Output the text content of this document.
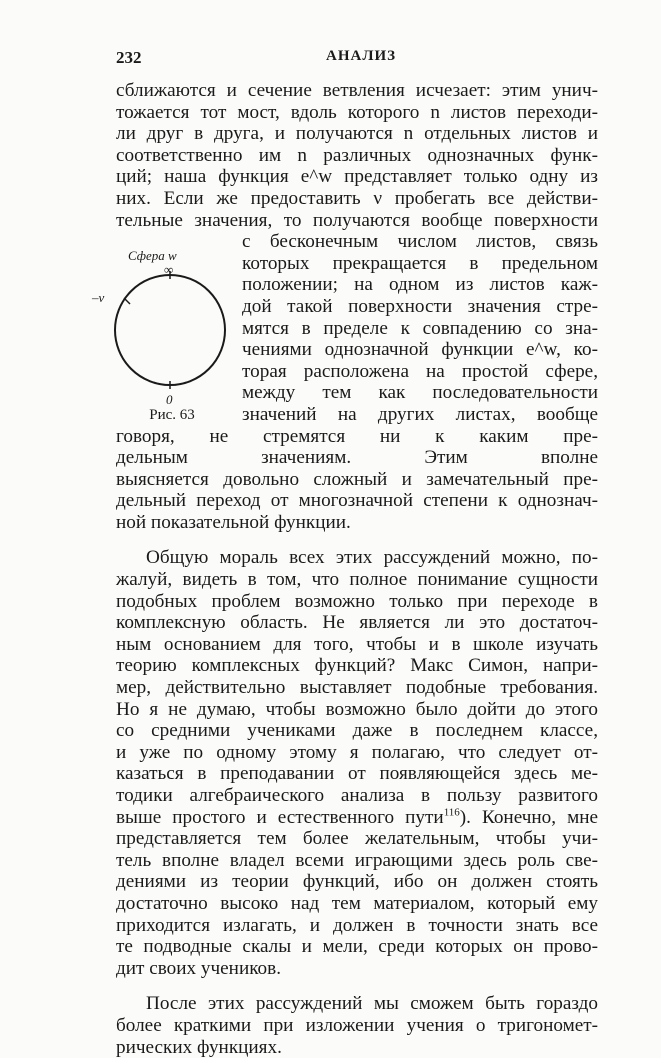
232	АНАЛИЗ

сближаются и сечение ветвления исчезает: этим унич-

тожается тот мост, вдоль которого n листов переходи-

ли друг в друга, и получаются n отдельных листов и

соответственно им n различных однозначных функ-

ций; наша функция e^w представляет только одну из

них. Если же предоставить ν пробегать все действи-

тельные значения, то получаются вообще поверхности

Сфера w
∞
–ν
0
Рис. 63

с бесконечным числом листов, связь

которых прекращается в предельном

положении; на одном из листов каж-

дой такой поверхности значения стре-

мятся в пределе к совпадению со зна-

чениями однозначной функции e^w, ко-

торая расположена на простой сфере,

между тем как последовательности

значений на других листах, вообще

говоря, не стремятся ни к каким пре-

дельным значениям. Этим вполне

выясняется довольно сложный и замечательный пре-

дельный переход от многозначной степени к однознач-

ной показательной функции.

Общую мораль всех этих рассуждений можно, по-

жалуй, видеть в том, что полное понимание сущности

подобных проблем возможно только при переходе в

комплексную область. Не является ли это достаточ-

ным основанием для того, чтобы и в школе изучать

теорию комплексных функций? Макс Симон, напри-

мер, действительно выставляет подобные требования.

Но я не думаю, чтобы возможно было дойти до этого

со средними учениками даже в последнем классе,

и уже по одному этому я полагаю, что следует от-

казаться в преподавании от появляющейся здесь ме-

тодики алгебраического анализа в пользу развитого

выше простого и естественного пути$^{116}$). Конечно, мне

представляется тем более желательным, чтобы учи-

тель вполне владел всеми играющими здесь роль све-

дениями из теории функций, ибо он должен стоять

достаточно высоко над тем материалом, который ему

приходится излагать, и должен в точности знать все

те подводные скалы и мели, среди которых он прово-

дит своих учеников.

После этих рассуждений мы сможем быть гораздо

более краткими при изложении учения о тригономет-

рических функциях.
